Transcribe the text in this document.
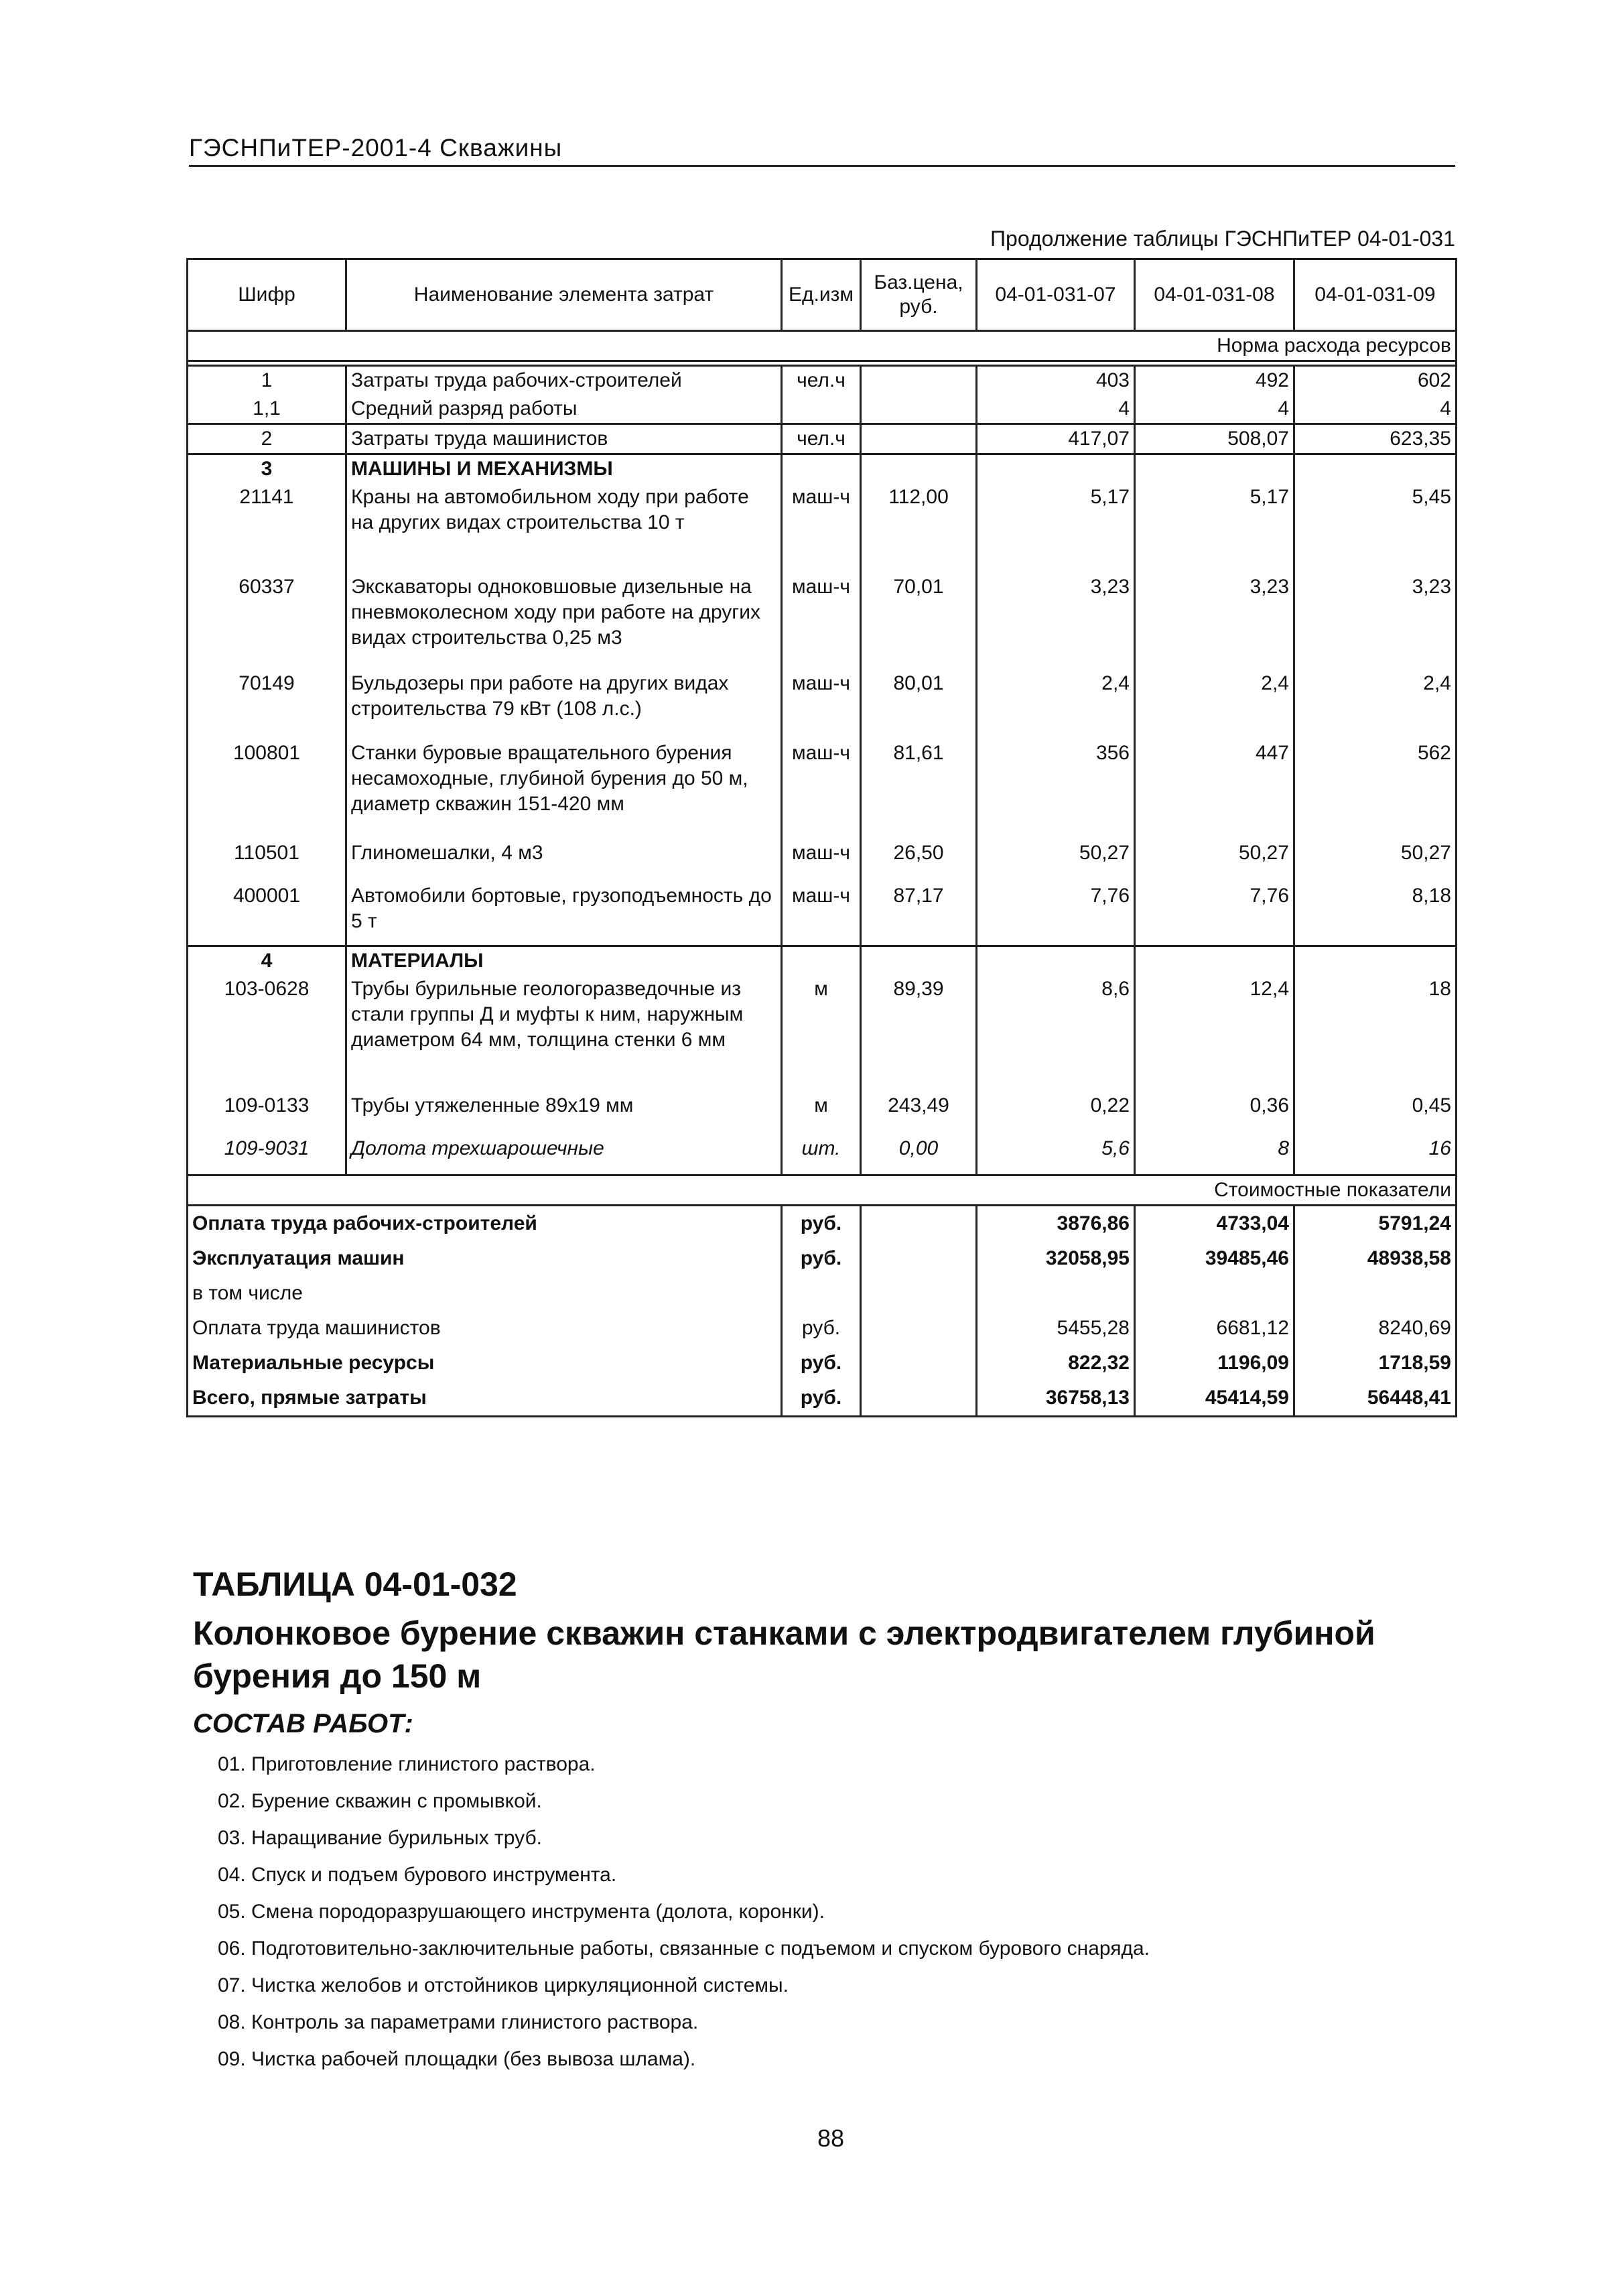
ГЭСНПиТЕР-2001-4 Скважины
Продолжение таблицы ГЭСНПиТЕР 04-01-031
Шифр	Наименование элемента затрат	Ед.изм	Баз.цена, руб.	04-01-031-07	04-01-031-08	04-01-031-09
Норма расхода ресурсов						

1	Затраты труда рабочих-строителей	чел.ч		403	492	602
1,1	Средний разряд работы			4	4	4
2	Затраты труда машинистов	чел.ч		417,07	508,07	623,35
3	МАШИНЫ И МЕХАНИЗМЫ					
21141	Краны на автомобильном ходу при работе на других видах строительства 10 т	маш-ч	112,00	5,17	5,17	5,45
60337	Экскаваторы одноковшовые дизельные на пневмоколесном ходу при работе на других видах строительства 0,25 м3	маш-ч	70,01	3,23	3,23	3,23
70149	Бульдозеры при работе на других видах строительства 79 кВт (108 л.с.)	маш-ч	80,01	2,4	2,4	2,4
100801	Станки буровые вращательного бурения несамоходные, глубиной бурения до 50 м, диаметр скважин 151-420 мм	маш-ч	81,61	356	447	562
110501	Глиномешалки, 4 м3	маш-ч	26,50	50,27	50,27	50,27
400001	Автомобили бортовые, грузоподъемность до 5 т	маш-ч	87,17	7,76	7,76	8,18
4	МАТЕРИАЛЫ					
103-0628	Трубы бурильные геологоразведочные из стали группы Д и муфты к ним, наружным диаметром 64 мм, толщина стенки 6 мм	м	89,39	8,6	12,4	18
109-0133	Трубы утяжеленные 89х19 мм	м	243,49	0,22	0,36	0,45
109-9031	Долота трехшарошечные	шт.	0,00	5,6	8	16
Стоимостные показатели						
Оплата труда рабочих-строителей		руб.		3876,86	4733,04	5791,24
Эксплуатация машин		руб.		32058,95	39485,46	48938,58
в том числе						
Оплата труда машинистов		руб.		5455,28	6681,12	8240,69
Материальные ресурсы		руб.		822,32	1196,09	1718,59
Всего, прямые затраты		руб.		36758,13	45414,59	56448,41
ТАБЛИЦА 04-01-032
Колонковое бурение скважин станками с электродвигателем глубиной бурения до 150 м
СОСТАВ РАБОТ:
01. Приготовление глинистого раствора.
02. Бурение скважин с промывкой.
03. Наращивание бурильных труб.
04. Спуск и подъем бурового инструмента.
05. Смена породоразрушающего инструмента (долота, коронки).
06. Подготовительно-заключительные работы, связанные с подъемом и спуском бурового снаряда.
07. Чистка желобов и отстойников циркуляционной системы.
08. Контроль за параметрами глинистого раствора.
09. Чистка рабочей площадки (без вывоза шлама).
88
